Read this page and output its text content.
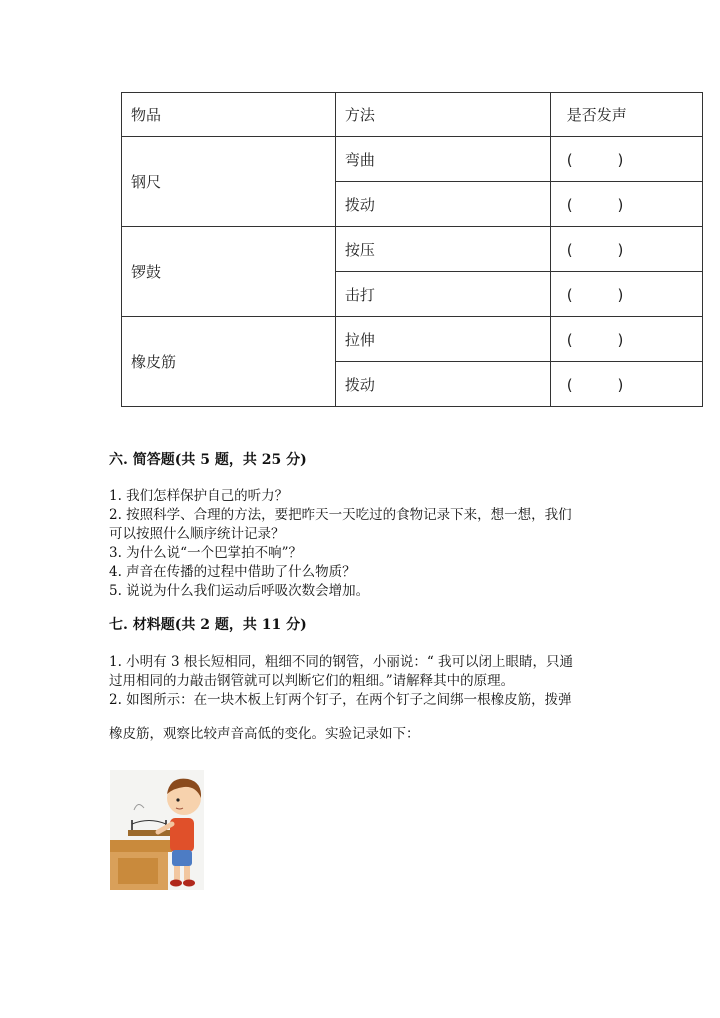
物品	方法	是否发声
钢尺	弯曲	(　　　)
	拨动	(　　　)
锣鼓	按压	(　　　)
	击打	(　　　)
橡皮筋	拉伸	(　　　)
	拨动	(　　　)
六. 简答题(共 5 题，共 25 分)
1. 我们怎样保护自己的听力？
2. 按照科学、合理的方法，要把昨天一天吃过的食物记录下来，想一想，我们
可以按照什么顺序统计记录？
3. 为什么说“一个巴掌拍不响”？
4. 声音在传播的过程中借助了什么物质？
5. 说说为什么我们运动后呼吸次数会增加。
七. 材料题(共 2 题，共 11 分)
1. 小明有 3 根长短相同，粗细不同的钢管，小丽说：“ 我可以闭上眼睛，只通
过用相同的力敲击钢管就可以判断它们的粗细。”请解释其中的原理。
2. 如图所示：在一块木板上钉两个钉子，在两个钉子之间绑一根橡皮筋，拨弹
橡皮筋，观察比较声音高低的变化。实验记录如下：
